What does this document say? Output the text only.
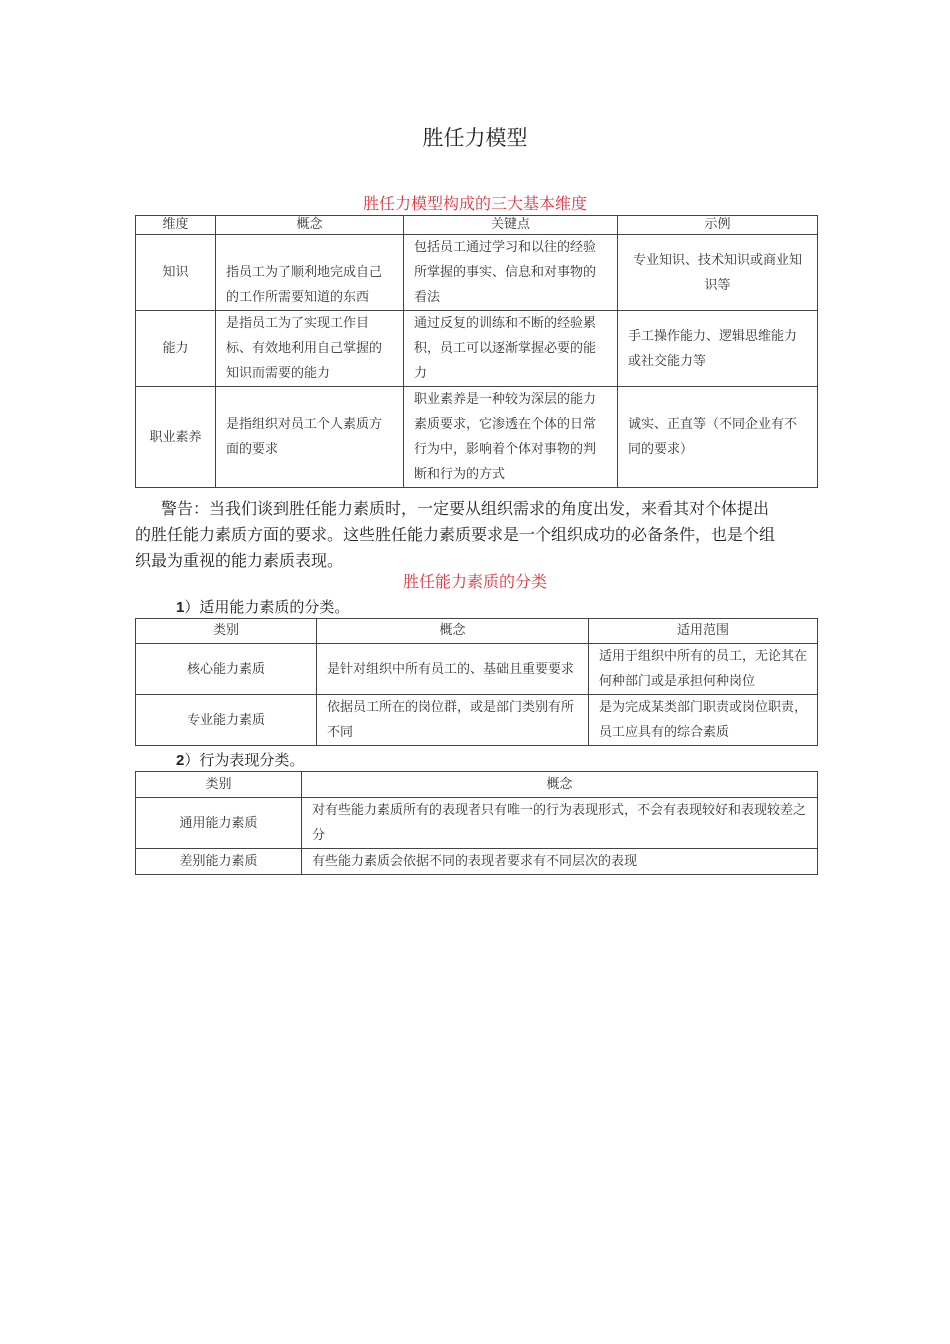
胜任力模型
胜任力模型构成的三大基本维度
维度	概念	关键点	示例
知识	指员工为了顺利地完成自己的工作所需要知道的东西	包括员工通过学习和以往的经验所掌握的事实、信息和对事物的看法	专业知识、技术知识或商业知识等
能力	是指员工为了实现工作目标、有效地利用自己掌握的知识而需要的能力	通过反复的训练和不断的经验累积，员工可以逐渐掌握必要的能力	手工操作能力、逻辑思维能力或社交能力等
职业素养	是指组织对员工个人素质方面的要求	职业素养是一种较为深层的能力素质要求，它渗透在个体的日常行为中，影响着个体对事物的判断和行为的方式	诚实、正直等（不同企业有不同的要求）
警告：当我们谈到胜任能力素质时，一定要从组织需求的角度出发，来看其对个体提出
的胜任能力素质方面的要求。这些胜任能力素质要求是一个组织成功的必备条件，也是个组
织最为重视的能力素质表现。
胜任能力素质的分类
1）适用能力素质的分类。
类别	概念	适用范围
核心能力素质	是针对组织中所有员工的、基础且重要要求	适用于组织中所有的员工，无论其在何种部门或是承担何种岗位
专业能力素质	依据员工所在的岗位群，或是部门类别有所不同	是为完成某类部门职责或岗位职责，员工应具有的综合素质
2）行为表现分类。
类别	概念
通用能力素质	对有些能力素质所有的表现者只有唯一的行为表现形式，不会有表现较好和表现较差之分
差别能力素质	有些能力素质会依据不同的表现者要求有不同层次的表现
